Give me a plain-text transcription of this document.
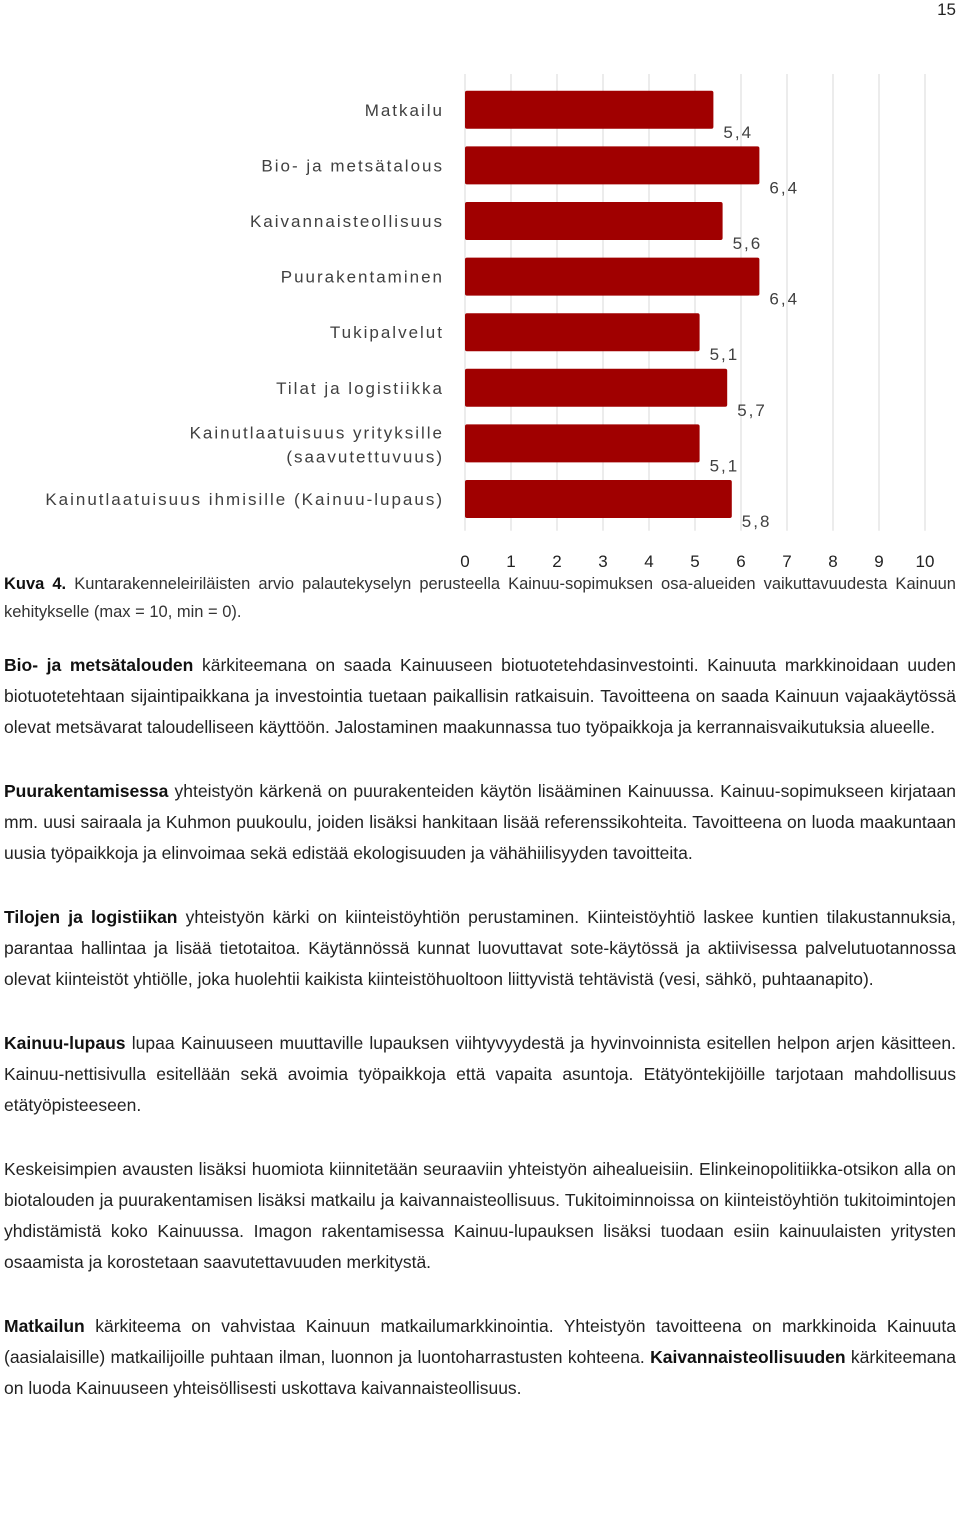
15
Matkailu
Bio- ja metsätalous
Kaivannaisteollisuus
Puurakentaminen
Tukipalvelut
Tilat ja logistiikka
Kainutlaatuisuus yrityksille (saavutettuvuus)
Kainutlaatuisuus ihmisille (Kainuu-lupaus)
5,4
6,4
5,6
6,4
5,1
5,7
5,1
5,8
0 1 2 3 4 5 6 7 8 9 10
Kuva 4. Kuntarakenneleiriläisten arvio palautekyselyn perusteella Kainuu-sopimuksen osa-alueiden vaikuttavuudesta Kainuun kehitykselle (max = 10, min = 0).

Bio- ja metsätalouden kärkiteemana on saada Kainuuseen biotuotetehdasinvestointi. Kainuuta markkinoidaan uuden biotuotetehtaan sijaintipaikkana ja investointia tuetaan paikallisin ratkaisuin. Tavoitteena on saada Kainuun vajaakäytössä olevat metsävarat taloudelliseen käyttöön. Jalostaminen maakunnassa tuo työpaikkoja ja kerrannaisvaikutuksia alueelle.

Puurakentamisessa yhteistyön kärkenä on puurakenteiden käytön lisääminen Kainuussa. Kainuu-sopimukseen kirjataan mm. uusi sairaala ja Kuhmon puukoulu, joiden lisäksi hankitaan lisää referenssikohteita. Tavoitteena on luoda maakuntaan uusia työpaikkoja ja elinvoimaa sekä edistää ekologisuuden ja vähähiilisyyden tavoitteita.

Tilojen ja logistiikan yhteistyön kärki on kiinteistöyhtiön perustaminen. Kiinteistöyhtiö laskee kuntien tilakustannuksia, parantaa hallintaa ja lisää tietotaitoa. Käytännössä kunnat luovuttavat sote-käytössä ja aktiivisessa palvelutuotannossa olevat kiinteistöt yhtiölle, joka huolehtii kaikista kiinteistöhuoltoon liittyvistä tehtävistä (vesi, sähkö, puhtaanapito).

Kainuu-lupaus lupaa Kainuuseen muuttaville lupauksen viihtyvyydestä ja hyvinvoinnista esitellen helpon arjen käsitteen. Kainuu-nettisivulla esitellään sekä avoimia työpaikkoja että vapaita asuntoja. Etätyöntekijöille tarjotaan mahdollisuus etätyöpisteeseen.

Keskeisimpien avausten lisäksi huomiota kiinnitetään seuraaviin yhteistyön aihealueisiin. Elinkeinopolitiikka-otsikon alla on biotalouden ja puurakentamisen lisäksi matkailu ja kaivannaisteollisuus. Tukitoiminnoissa on kiinteistöyhtiön tukitoimintojen yhdistämistä koko Kainuussa. Imagon rakentamisessa Kainuu-lupauksen lisäksi tuodaan esiin kainuulaisten yritysten osaamista ja korostetaan saavutettavuuden merkitystä.

Matkailun kärkiteema on vahvistaa Kainuun matkailumarkkinointia. Yhteistyön tavoitteena on markkinoida Kainuuta (aasialaisille) matkailijoille puhtaan ilman, luonnon ja luontoharrastusten kohteena. Kaivannaisteollisuuden kärkiteemana on luoda Kainuuseen yhteisöllisesti uskottava kaivannaisteollisuus.
